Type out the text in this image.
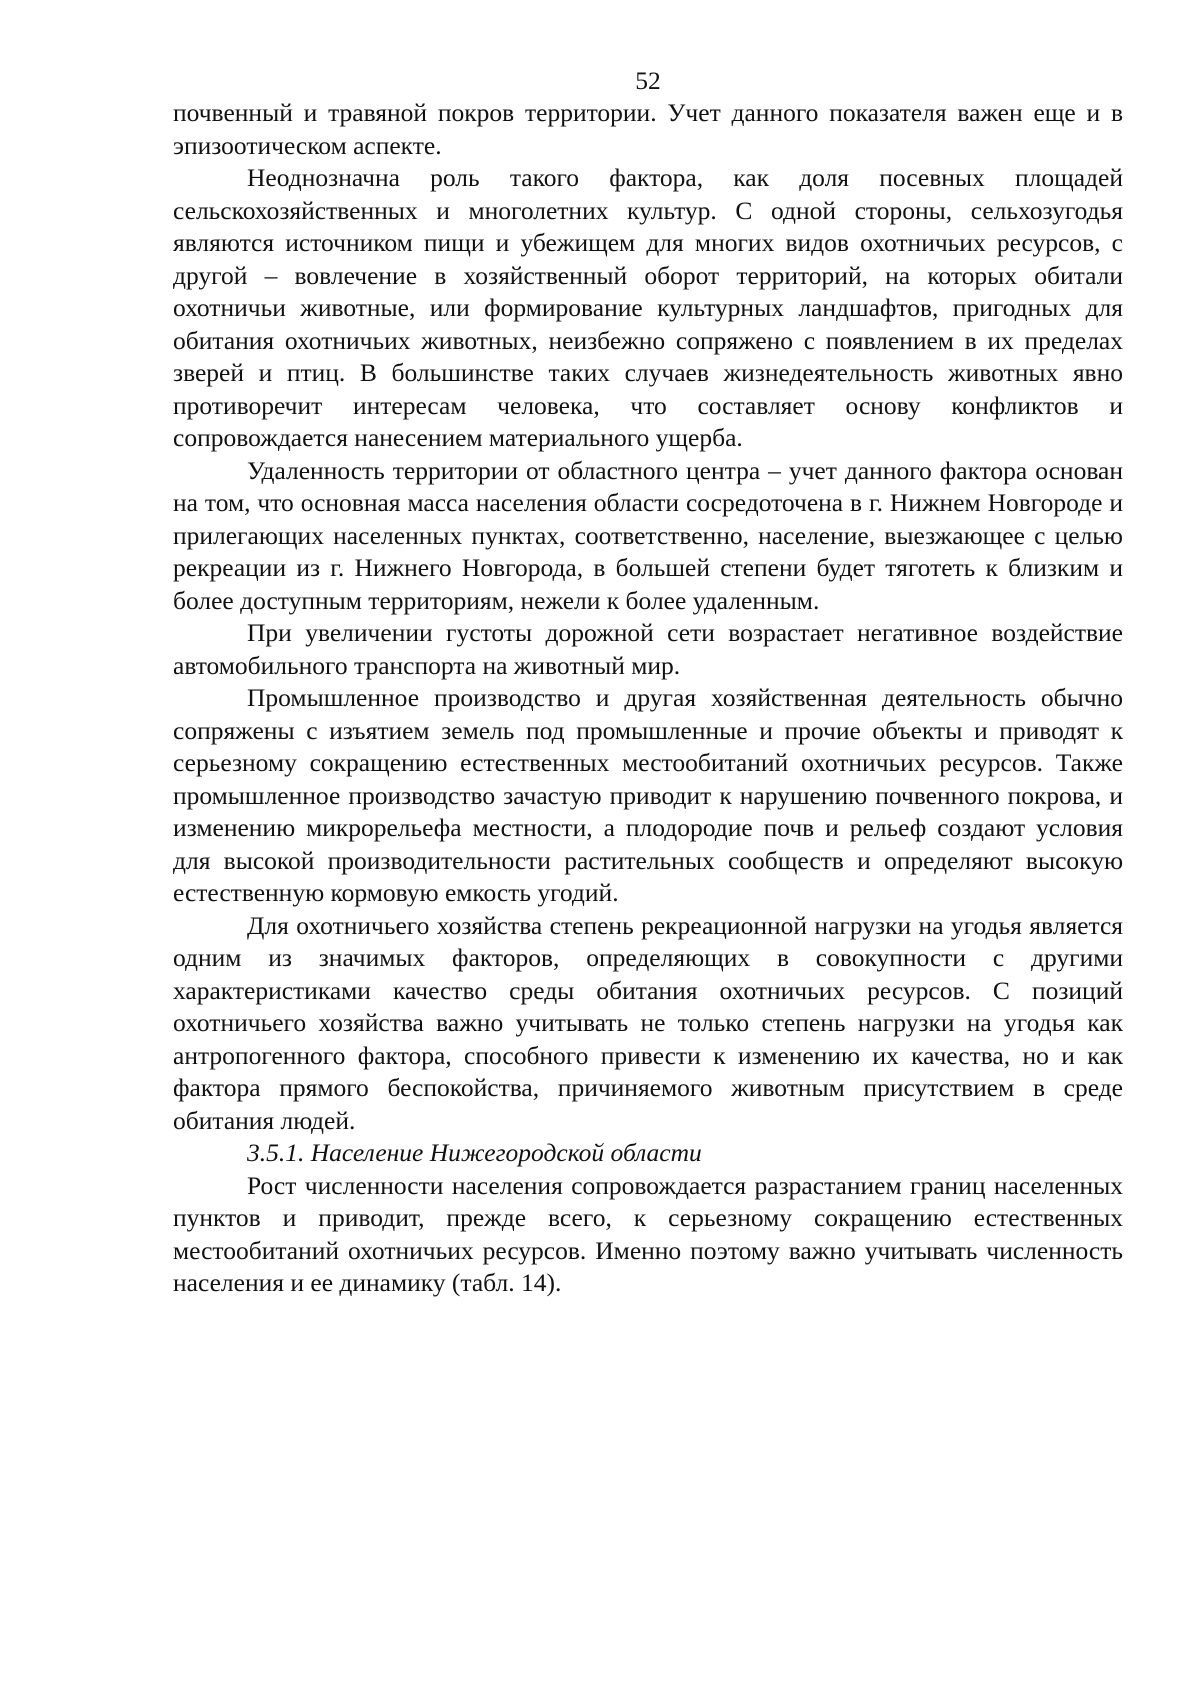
52

почвенный и травяной покров территории. Учет данного показателя важен еще и в эпизоотическом аспекте.

Неоднозначна роль такого фактора, как доля посевных площадей сельскохозяйственных и многолетних культур. С одной стороны, сельхозугодья являются источником пищи и убежищем для многих видов охотничьих ресурсов, с другой – вовлечение в хозяйственный оборот территорий, на которых обитали охотничьи животные, или формирование культурных ландшафтов, пригодных для обитания охотничьих животных, неизбежно сопряжено с появлением в их пределах зверей и птиц. В большинстве таких случаев жизнедеятельность животных явно противоречит интересам человека, что составляет основу конфликтов и сопровождается нанесением материального ущерба.

Удаленность территории от областного центра – учет данного фактора основан на том, что основная масса населения области сосредоточена в г. Нижнем Новгороде и прилегающих населенных пунктах, соответственно, население, выезжающее с целью рекреации из г. Нижнего Новгорода, в большей степени будет тяготеть к близким и более доступным территориям, нежели к более удаленным.

При увеличении густоты дорожной сети возрастает негативное воздействие автомобильного транспорта на животный мир.

Промышленное производство и другая хозяйственная деятельность обычно сопряжены с изъятием земель под промышленные и прочие объекты и приводят к серьезному сокращению естественных местообитаний охотничьих ресурсов. Также промышленное производство зачастую приводит к нарушению почвенного покрова, и изменению микрорельефа местности, а плодородие почв и рельеф создают условия для высокой производительности растительных сообществ и определяют высокую естественную кормовую емкость угодий.

Для охотничьего хозяйства степень рекреационной нагрузки на угодья является одним из значимых факторов, определяющих в совокупности с другими характеристиками качество среды обитания охотничьих ресурсов. С позиций охотничьего хозяйства важно учитывать не только степень нагрузки на угодья как антропогенного фактора, способного привести к изменению их качества, но и как фактора прямого беспокойства, причиняемого животным присутствием в среде обитания людей.

3.5.1. Население Нижегородской области

Рост численности населения сопровождается разрастанием границ населенных пунктов и приводит, прежде всего, к серьезному сокращению естественных местообитаний охотничьих ресурсов. Именно поэтому важно учитывать численность населения и ее динамику (табл. 14).
